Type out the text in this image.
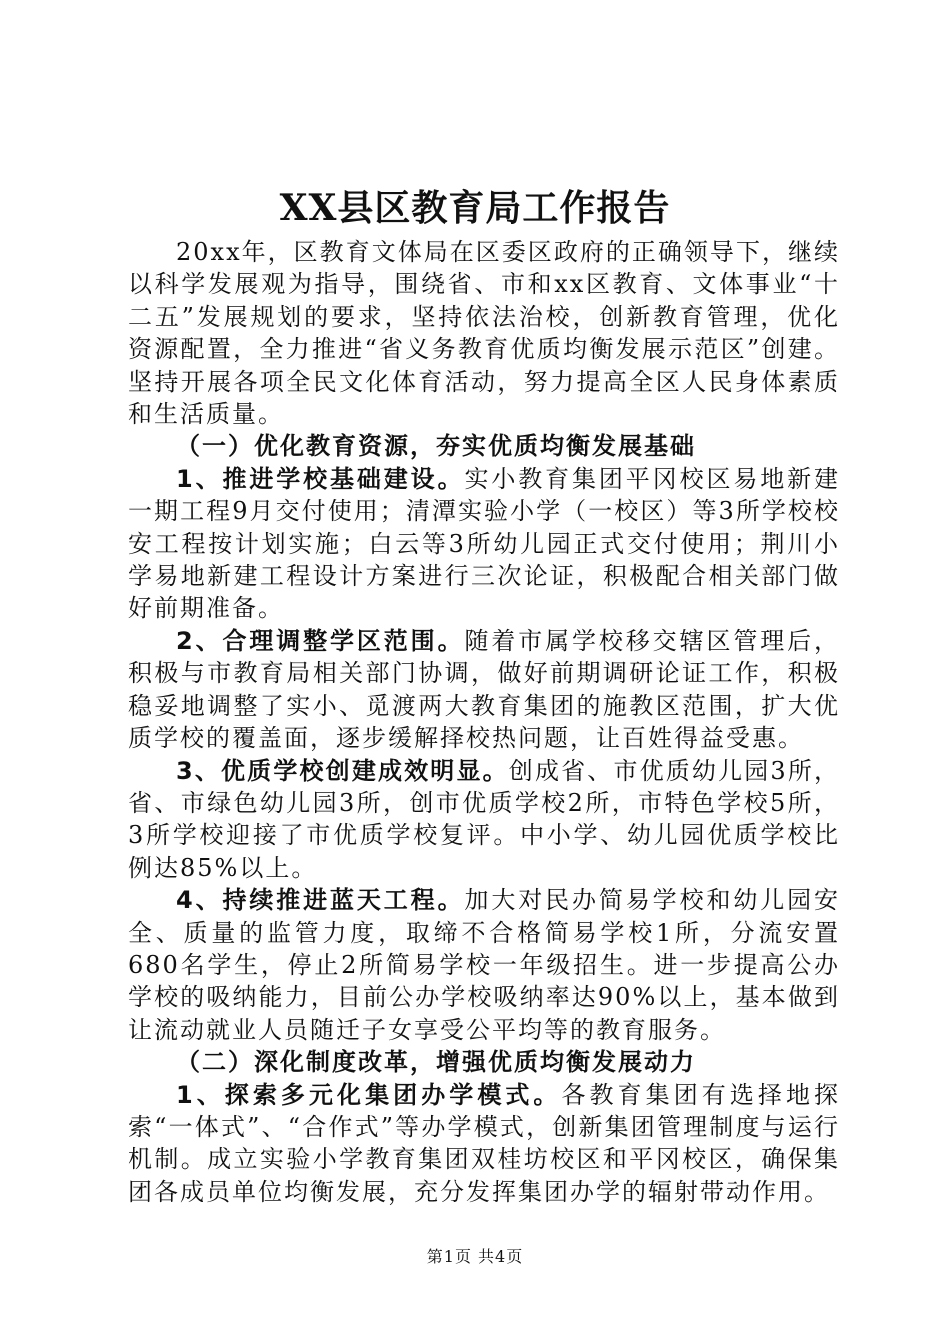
XX县区教育局工作报告

20xx年，区教育文体局在区委区政府的正确领导下，继续以科学发展观为指导，围绕省、市和xx区教育、文体事业“十二五”发展规划的要求，坚持依法治校，创新教育管理，优化资源配置，全力推进“省义务教育优质均衡发展示范区”创建。坚持开展各项全民文化体育活动，努力提高全区人民身体素质和生活质量。

（一）优化教育资源，夯实优质均衡发展基础

1、推进学校基础建设。实小教育集团平冈校区易地新建一期工程9月交付使用；清潭实验小学（一校区）等3所学校校安工程按计划实施；白云等3所幼儿园正式交付使用；荆川小学易地新建工程设计方案进行三次论证，积极配合相关部门做好前期准备。

2、合理调整学区范围。随着市属学校移交辖区管理后，积极与市教育局相关部门协调，做好前期调研论证工作，积极稳妥地调整了实小、觅渡两大教育集团的施教区范围，扩大优质学校的覆盖面，逐步缓解择校热问题，让百姓得益受惠。

3、优质学校创建成效明显。创成省、市优质幼儿园3所，省、市绿色幼儿园3所，创市优质学校2所，市特色学校5所，3所学校迎接了市优质学校复评。中小学、幼儿园优质学校比例达85%以上。

4、持续推进蓝天工程。加大对民办简易学校和幼儿园安全、质量的监管力度，取缔不合格简易学校1所，分流安置680名学生，停止2所简易学校一年级招生。进一步提高公办学校的吸纳能力，目前公办学校吸纳率达90%以上，基本做到让流动就业人员随迁子女享受公平均等的教育服务。

（二）深化制度改革，增强优质均衡发展动力

1、探索多元化集团办学模式。各教育集团有选择地探索“一体式”、“合作式”等办学模式，创新集团管理制度与运行机制。成立实验小学教育集团双桂坊校区和平冈校区，确保集团各成员单位均衡发展，充分发挥集团办学的辐射带动作用。

第1页 共4页
